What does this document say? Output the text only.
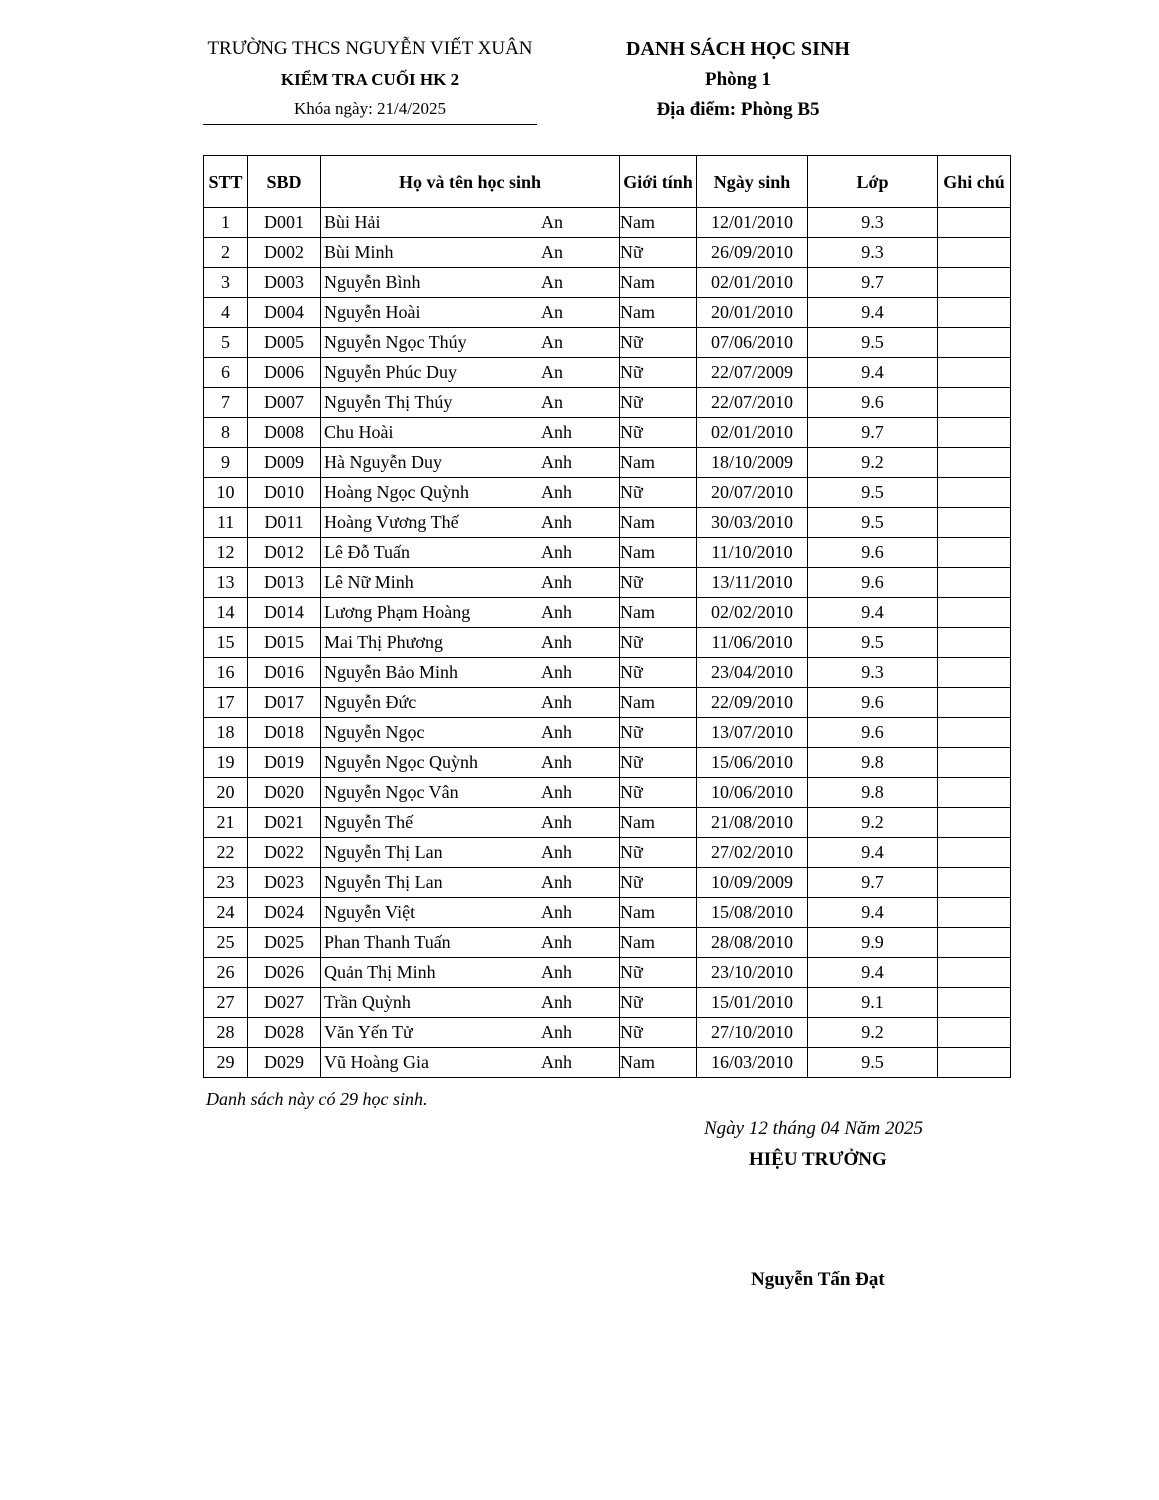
TRƯỜNG THCS NGUYỄN VIẾT XUÂN
KIỂM TRA CUỐI HK 2
Khóa ngày: 21/4/2025
DANH SÁCH HỌC SINH
Phòng 1
Địa điểm: Phòng B5
STT	SBD	Họ và tên học sinh	Giới tính	Ngày sinh	Lớp	Ghi chú
1	D001	Bùi Hải An	Nam	12/01/2010	9.3	
2	D002	Bùi Minh An	Nữ	26/09/2010	9.3	
3	D003	Nguyễn Bình An	Nam	02/01/2010	9.7	
4	D004	Nguyễn Hoài An	Nam	20/01/2010	9.4	
5	D005	Nguyễn Ngọc Thúy An	Nữ	07/06/2010	9.5	
6	D006	Nguyễn Phúc Duy An	Nữ	22/07/2009	9.4	
7	D007	Nguyễn Thị Thúy An	Nữ	22/07/2010	9.6	
8	D008	Chu Hoài Anh	Nữ	02/01/2010	9.7	
9	D009	Hà Nguyễn Duy Anh	Nam	18/10/2009	9.2	
10	D010	Hoàng Ngọc Quỳnh Anh	Nữ	20/07/2010	9.5	
11	D011	Hoàng Vương Thế Anh	Nam	30/03/2010	9.5	
12	D012	Lê Đỗ Tuấn Anh	Nam	11/10/2010	9.6	
13	D013	Lê Nữ Minh Anh	Nữ	13/11/2010	9.6	
14	D014	Lương Phạm Hoàng Anh	Nam	02/02/2010	9.4	
15	D015	Mai Thị Phương Anh	Nữ	11/06/2010	9.5	
16	D016	Nguyễn Bảo Minh Anh	Nữ	23/04/2010	9.3	
17	D017	Nguyễn Đức Anh	Nam	22/09/2010	9.6	
18	D018	Nguyễn Ngọc Anh	Nữ	13/07/2010	9.6	
19	D019	Nguyễn Ngọc Quỳnh Anh	Nữ	15/06/2010	9.8	
20	D020	Nguyễn Ngọc Vân Anh	Nữ	10/06/2010	9.8	
21	D021	Nguyễn Thế Anh	Nam	21/08/2010	9.2	
22	D022	Nguyễn Thị Lan Anh	Nữ	27/02/2010	9.4	
23	D023	Nguyễn Thị Lan Anh	Nữ	10/09/2009	9.7	
24	D024	Nguyễn Việt Anh	Nam	15/08/2010	9.4	
25	D025	Phan Thanh Tuấn Anh	Nam	28/08/2010	9.9	
26	D026	Quản Thị Minh Anh	Nữ	23/10/2010	9.4	
27	D027	Trần Quỳnh Anh	Nữ	15/01/2010	9.1	
28	D028	Văn Yến Tử Anh	Nữ	27/10/2010	9.2	
29	D029	Vũ Hoàng Gia Anh	Nam	16/03/2010	9.5	
Danh sách này có 29 học sinh.
Ngày 12 tháng 04 Năm 2025
HIỆU TRƯỞNG
Nguyễn Tấn Đạt
